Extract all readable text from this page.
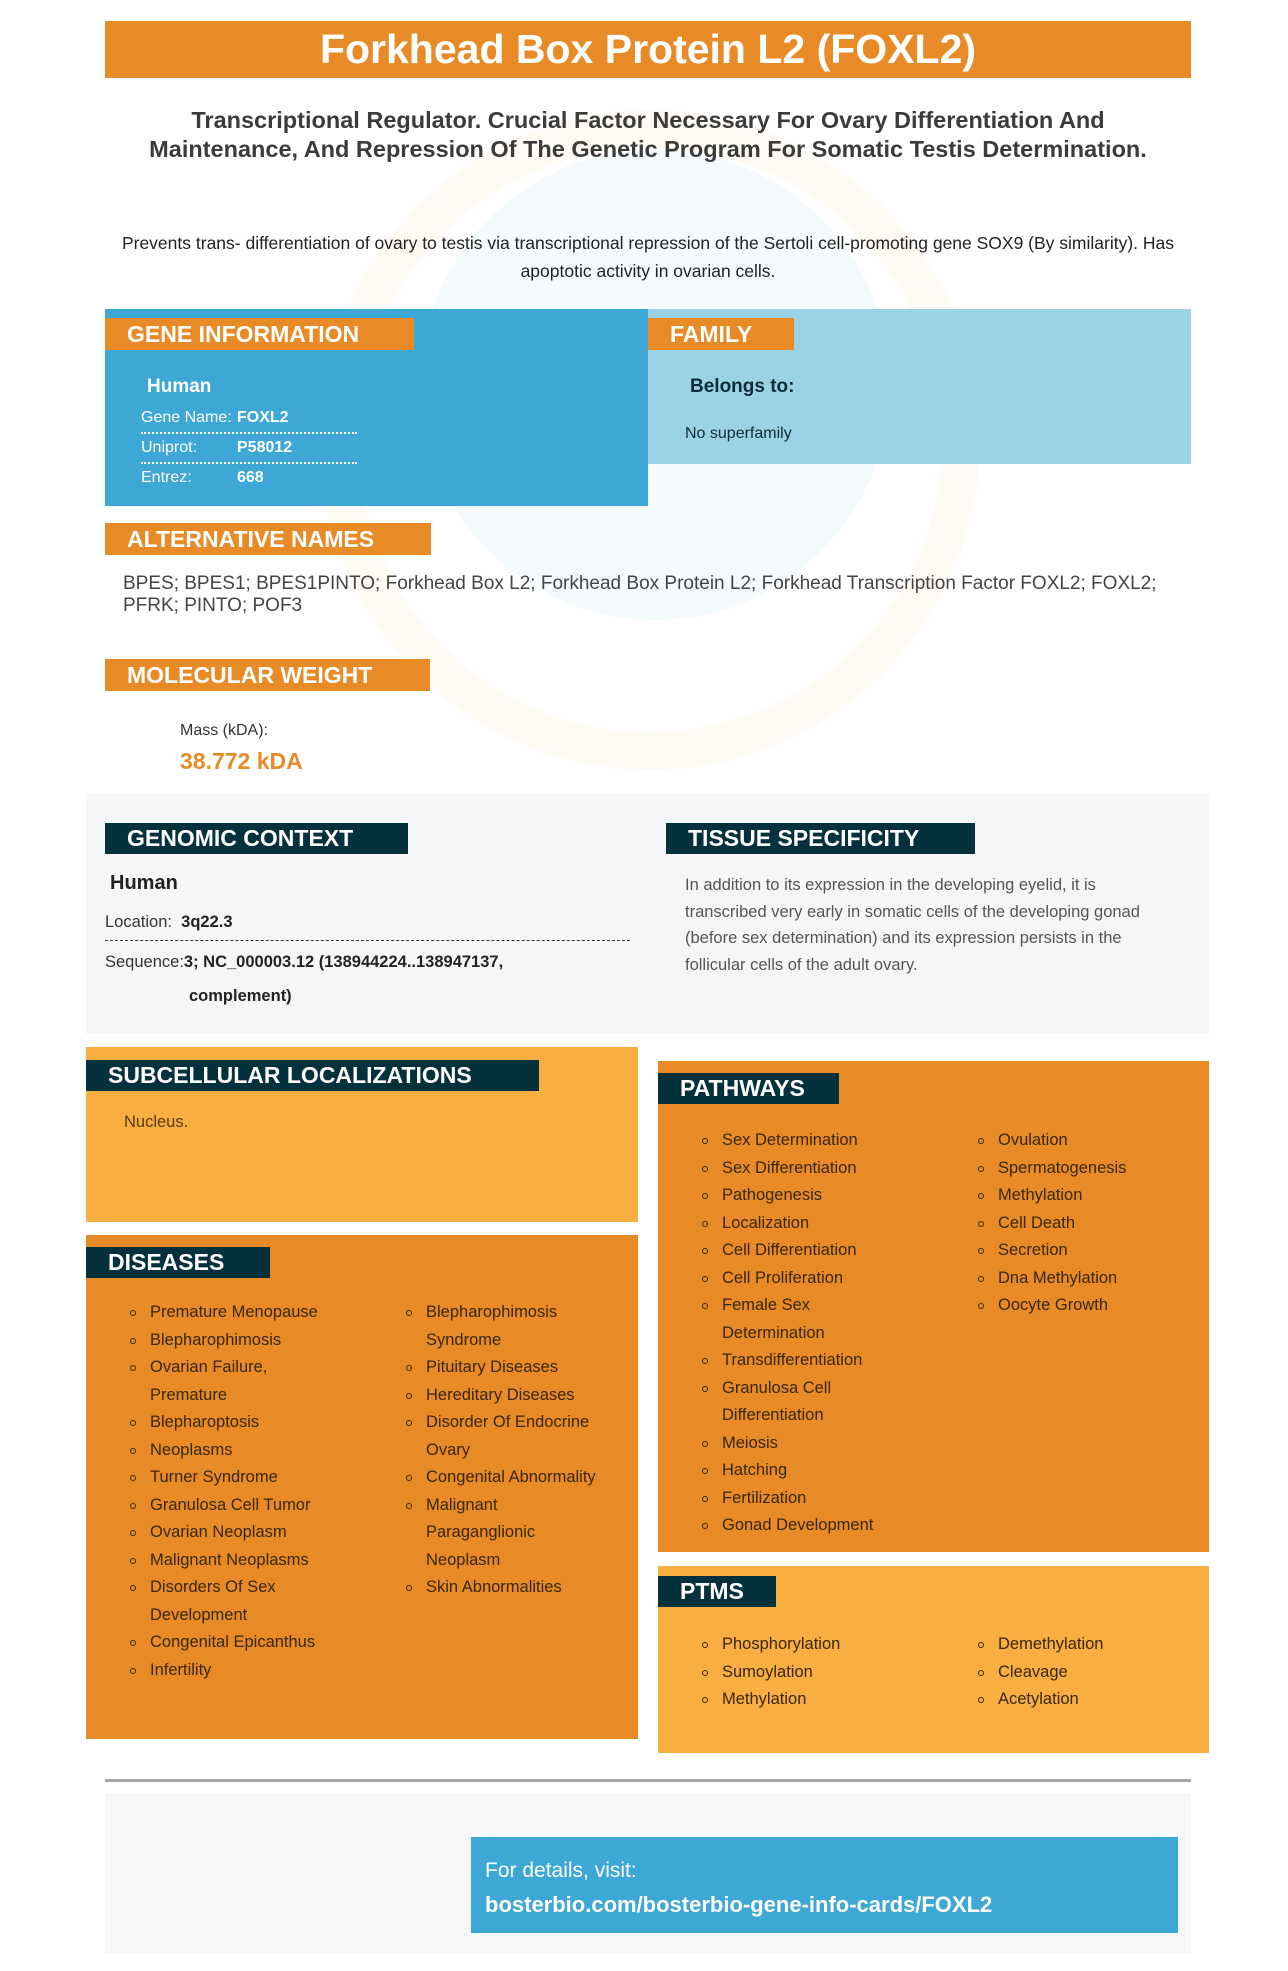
Forkhead Box Protein L2 (FOXL2)
Transcriptional Regulator. Crucial Factor Necessary For Ovary Differentiation And Maintenance, And Repression Of The Genetic Program For Somatic Testis Determination.
Prevents trans- differentiation of ovary to testis via transcriptional repression of the Sertoli cell-promoting gene SOX9 (By similarity). Has apoptotic activity in ovarian cells.
GENE INFORMATION
Human
Gene Name: FOXL2
Uniprot:	P58012
Entrez:	668
FAMILY
Belongs to:
No superfamily
ALTERNATIVE NAMES
BPES; BPES1; BPES1PINTO; Forkhead Box L2; Forkhead Box Protein L2; Forkhead Transcription Factor FOXL2; FOXL2; PFRK; PINTO; POF3
MOLECULAR WEIGHT
Mass (kDA):
38.772 kDA
GENOMIC CONTEXT
Human
Location: 3q22.3
Sequence:3; NC_000003.12 (138944224..138947137,
complement)
TISSUE SPECIFICITY
In addition to its expression in the developing eyelid, it is transcribed very early in somatic cells of the developing gonad (before sex determination) and its expression persists in the follicular cells of the adult ovary.
SUBCELLULAR LOCALIZATIONS
Nucleus.
DISEASES
Premature Menopause
Blepharophimosis
Ovarian Failure, Premature
Blepharoptosis
Neoplasms
Turner Syndrome
Granulosa Cell Tumor
Ovarian Neoplasm
Malignant Neoplasms
Disorders Of Sex Development
Congenital Epicanthus
Infertility
Blepharophimosis Syndrome
Pituitary Diseases
Hereditary Diseases
Disorder Of Endocrine Ovary
Congenital Abnormality
Malignant Paraganglionic Neoplasm
Skin Abnormalities
PATHWAYS
Sex Determination
Sex Differentiation
Pathogenesis
Localization
Cell Differentiation
Cell Proliferation
Female Sex Determination
Transdifferentiation
Granulosa Cell Differentiation
Meiosis
Hatching
Fertilization
Gonad Development
Ovulation
Spermatogenesis
Methylation
Cell Death
Secretion
Dna Methylation
Oocyte Growth
PTMS
Phosphorylation
Sumoylation
Methylation
Demethylation
Cleavage
Acetylation
For details, visit:
bosterbio.com/bosterbio-gene-info-cards/FOXL2
